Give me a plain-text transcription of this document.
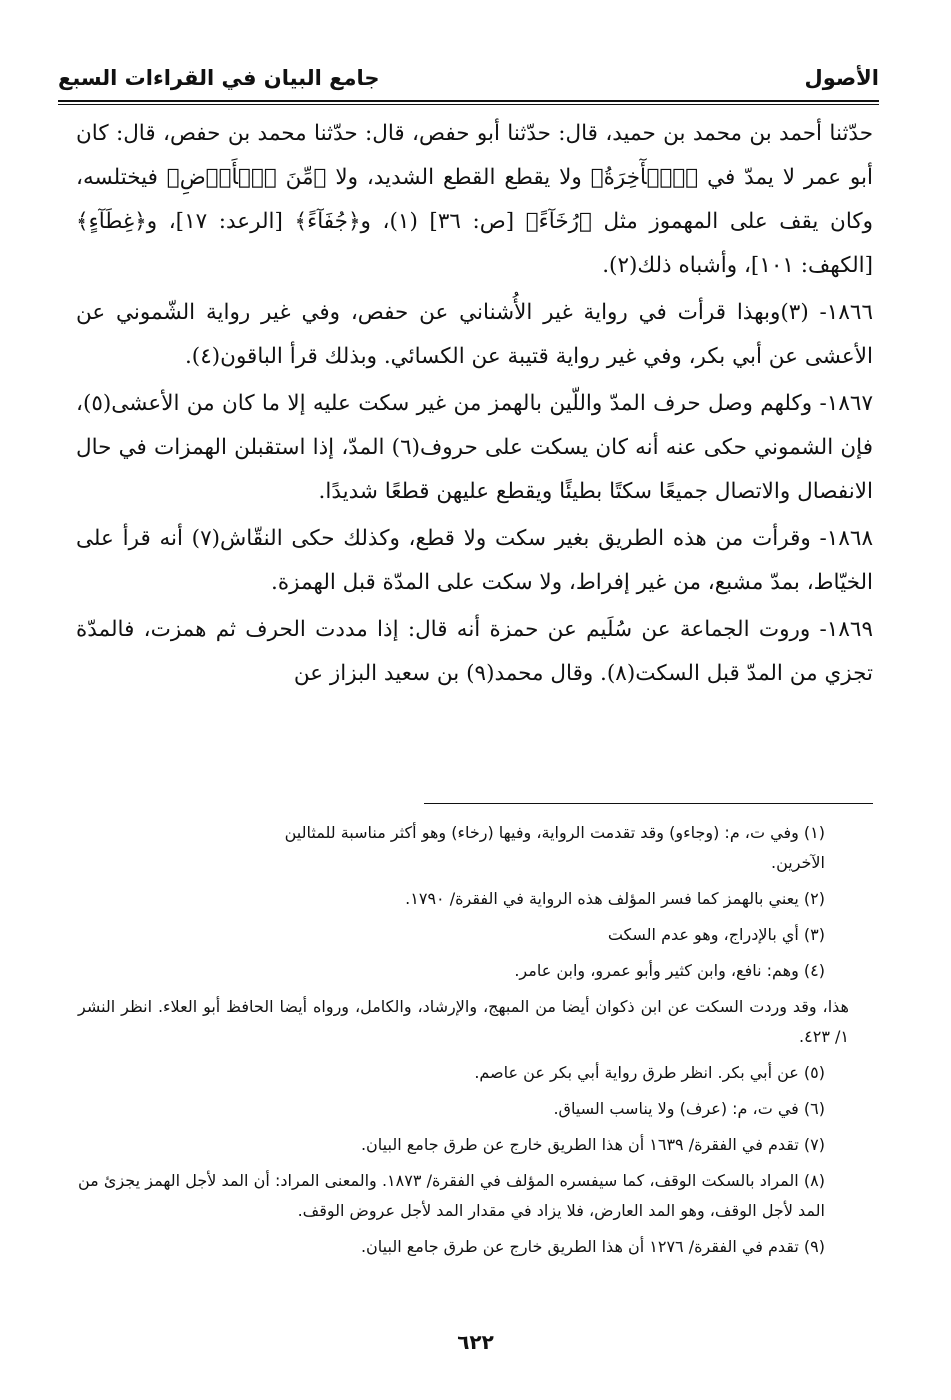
الأصول
جامع البيان في القراءات السبع

حدّثنا أحمد بن محمد بن حميد، قال: حدّثنا أبو حفص، قال: حدّثنا محمد بن حفص، قال: كان أبو عمر لا يمدّ في ﴿ٱلۡأٓخِرَةُ﴾ ولا يقطع القطع الشديد، ولا ﴿مِّنَ ٱلۡأَرۡضِ﴾ فيختلسه، وكان يقف على المهموز مثل ﴿رُخَآءً﴾ [ص: ٣٦] (١)، و﴿جُفَآءً﴾ [الرعد: ١٧]، و﴿غِطَآءٍ﴾ [الكهف: ١٠١]، وأشباه ذلك(٢).

١٨٦٦- (٣)وبهذا قرأت في رواية غير الأُشناني عن حفص، وفي غير رواية الشّموني عن الأعشى عن أبي بكر، وفي غير رواية قتيبة عن الكسائي. وبذلك قرأ الباقون(٤).

١٨٦٧- وكلهم وصل حرف المدّ واللّين بالهمز من غير سكت عليه إلا ما كان من الأعشى(٥)، فإن الشموني حكى عنه أنه كان يسكت على حروف(٦) المدّ، إذا استقبلن الهمزات في حال الانفصال والاتصال جميعًا سكتًا بطيئًا ويقطع عليهن قطعًا شديدًا.

١٨٦٨- وقرأت من هذه الطريق بغير سكت ولا قطع، وكذلك حكى النقّاش(٧) أنه قرأ على الخيّاط، بمدّ مشبع، من غير إفراط، ولا سكت على المدّة قبل الهمزة.

١٨٦٩- وروت الجماعة عن سُلَيم عن حمزة أنه قال: إذا مددت الحرف ثم همزت، فالمدّة تجزي من المدّ قبل السكت(٨). وقال محمد(٩) بن سعيد البزاز عن

(١) وفي ت، م: (وجاءو) وقد تقدمت الرواية، وفيها (رخاء) وهو أكثر مناسبة للمثالين
الآخرين.
(٢) يعني بالهمز كما فسر المؤلف هذه الرواية في الفقرة/ ١٧٩٠.
(٣) أي بالإدراج، وهو عدم السكت
(٤) وهم: نافع، وابن كثير وأبو عمرو، وابن عامر.
هذا، وقد وردت السكت عن ابن ذكوان أيضا من المبهج، والإرشاد، والكامل، ورواه أيضا الحافظ أبو العلاء. انظر النشر ١/ ٤٢٣.
(٥) عن أبي بكر. انظر طرق رواية أبي بكر عن عاصم.
(٦) في ت، م: (عرف) ولا يناسب السياق.
(٧) تقدم في الفقرة/ ١٦٣٩ أن هذا الطريق خارج عن طرق جامع البيان.
(٨) المراد بالسكت الوقف، كما سيفسره المؤلف في الفقرة/ ١٨٧٣. والمعنى المراد: أن المد لأجل الهمز يجزئ من المد لأجل الوقف، وهو المد العارض، فلا يزاد في مقدار المد لأجل عروض الوقف.
(٩) تقدم في الفقرة/ ١٢٧٦ أن هذا الطريق خارج عن طرق جامع البيان.
٦٢٢
